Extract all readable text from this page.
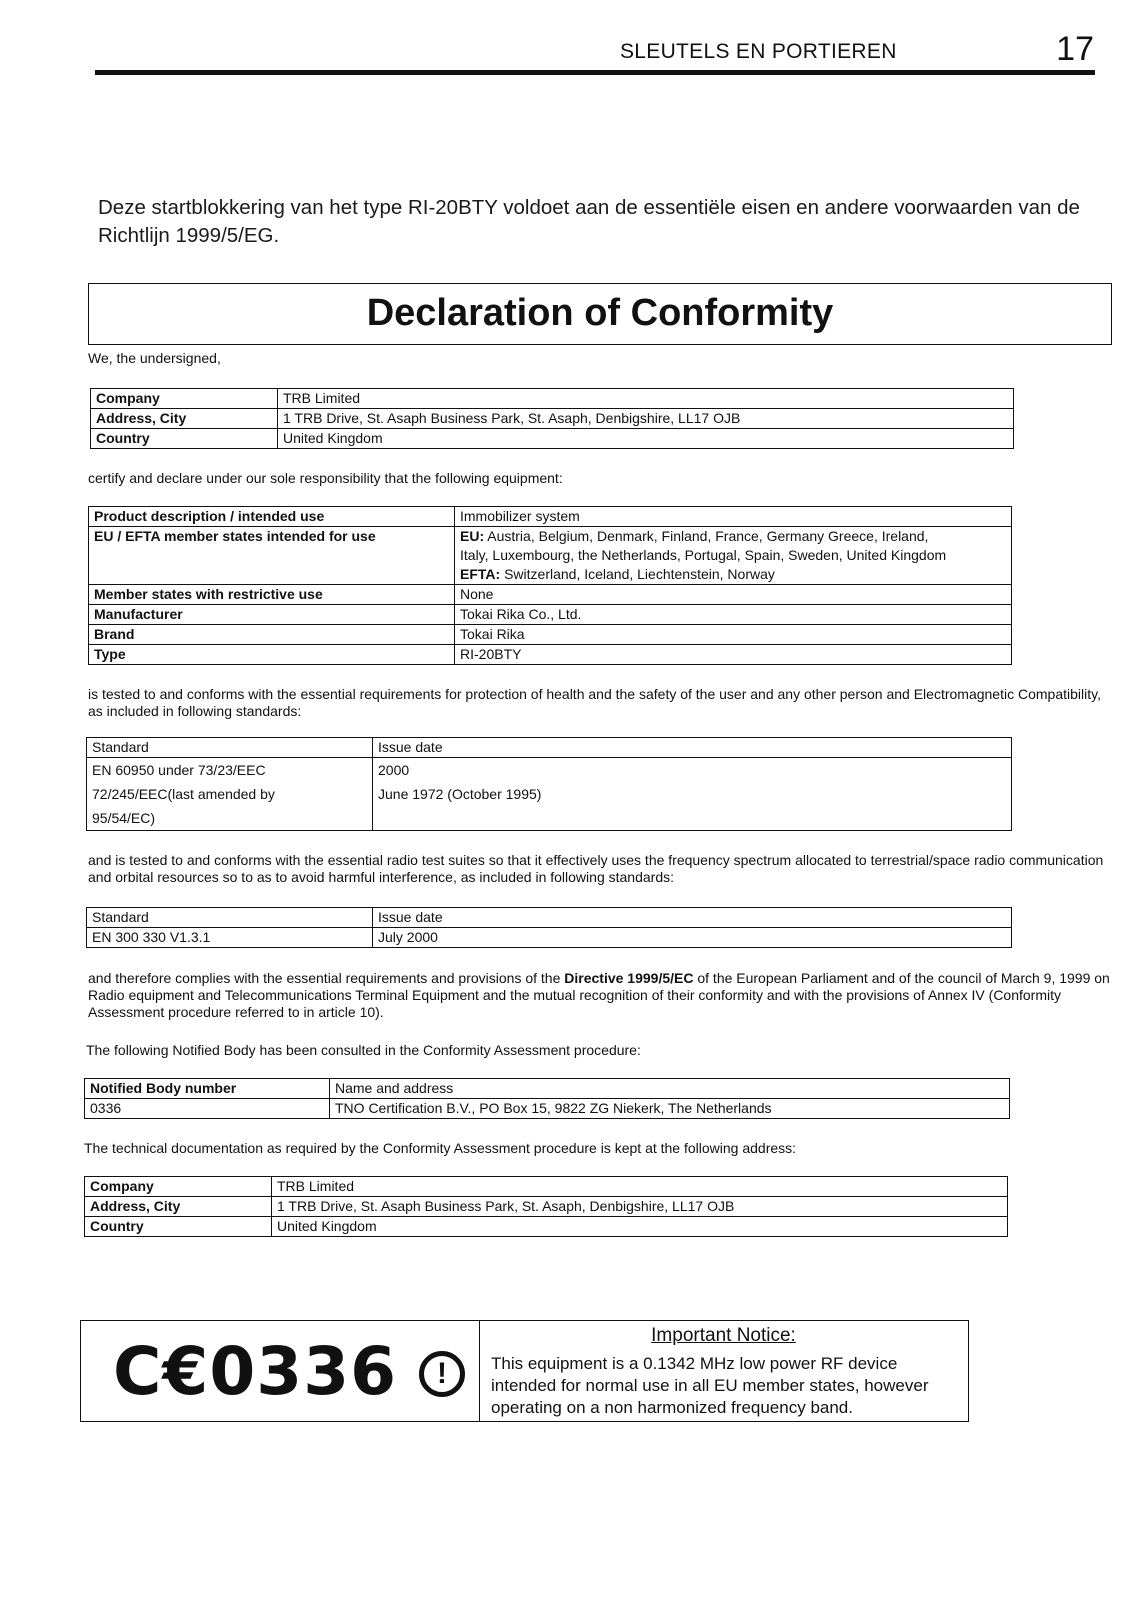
SLEUTELS EN PORTIEREN	17
Deze startblokkering van het type RI-20BTY voldoet aan de essentiële eisen en andere voorwaarden van de Richtlijn 1999/5/EG.
Declaration of Conformity
We, the undersigned,
Company	TRB Limited
Address, City	1 TRB Drive, St. Asaph Business Park, St. Asaph, Denbigshire, LL17 OJB
Country	United Kingdom
certify and declare under our sole responsibility that the following equipment:
Product description / intended use	Immobilizer system
EU / EFTA member states intended for use	EU: Austria, Belgium, Denmark, Finland, France, Germany Greece, Ireland,
Italy, Luxembourg, the Netherlands, Portugal, Spain, Sweden, United Kingdom
EFTA: Switzerland, Iceland, Liechtenstein, Norway
Member states with restrictive use	None
Manufacturer	Tokai Rika Co., Ltd.
Brand	Tokai Rika
Type	RI-20BTY
is tested to and conforms with the essential requirements for protection of health and the safety of the user and any other person and Electromagnetic Compatibility, as included in following standards:
Standard	Issue date
EN 60950 under 73/23/EEC	2000
72/245/EEC(last amended by	June 1972 (October 1995)
95/54/EC)	
and is tested to and conforms with the essential radio test suites so that it effectively uses the frequency spectrum allocated to terrestrial/space radio communication and orbital resources so to as to avoid harmful interference, as included in following standards:
Standard	Issue date
EN 300 330 V1.3.1	July 2000
and therefore complies with the essential requirements and provisions of the Directive 1999/5/EC of the European Parliament and of the council of March 9, 1999 on Radio equipment and Telecommunications Terminal Equipment and the mutual recognition of their conformity and with the provisions of Annex IV (Conformity Assessment procedure referred to in article 10).
The following Notified Body has been consulted in the Conformity Assessment procedure:
Notified Body number	Name and address
0336	TNO Certification B.V., PO Box 15, 9822 ZG Niekerk, The Netherlands
The technical documentation as required by the Conformity Assessment procedure is kept at the following address:
Company	TRB Limited
Address, City	1 TRB Drive, St. Asaph Business Park, St. Asaph, Denbigshire, LL17 OJB
Country	United Kingdom
C€0336	!
Important Notice:
This equipment is a 0.1342 MHz low power RF device intended for normal use in all EU member states, however operating on a non harmonized frequency band.
